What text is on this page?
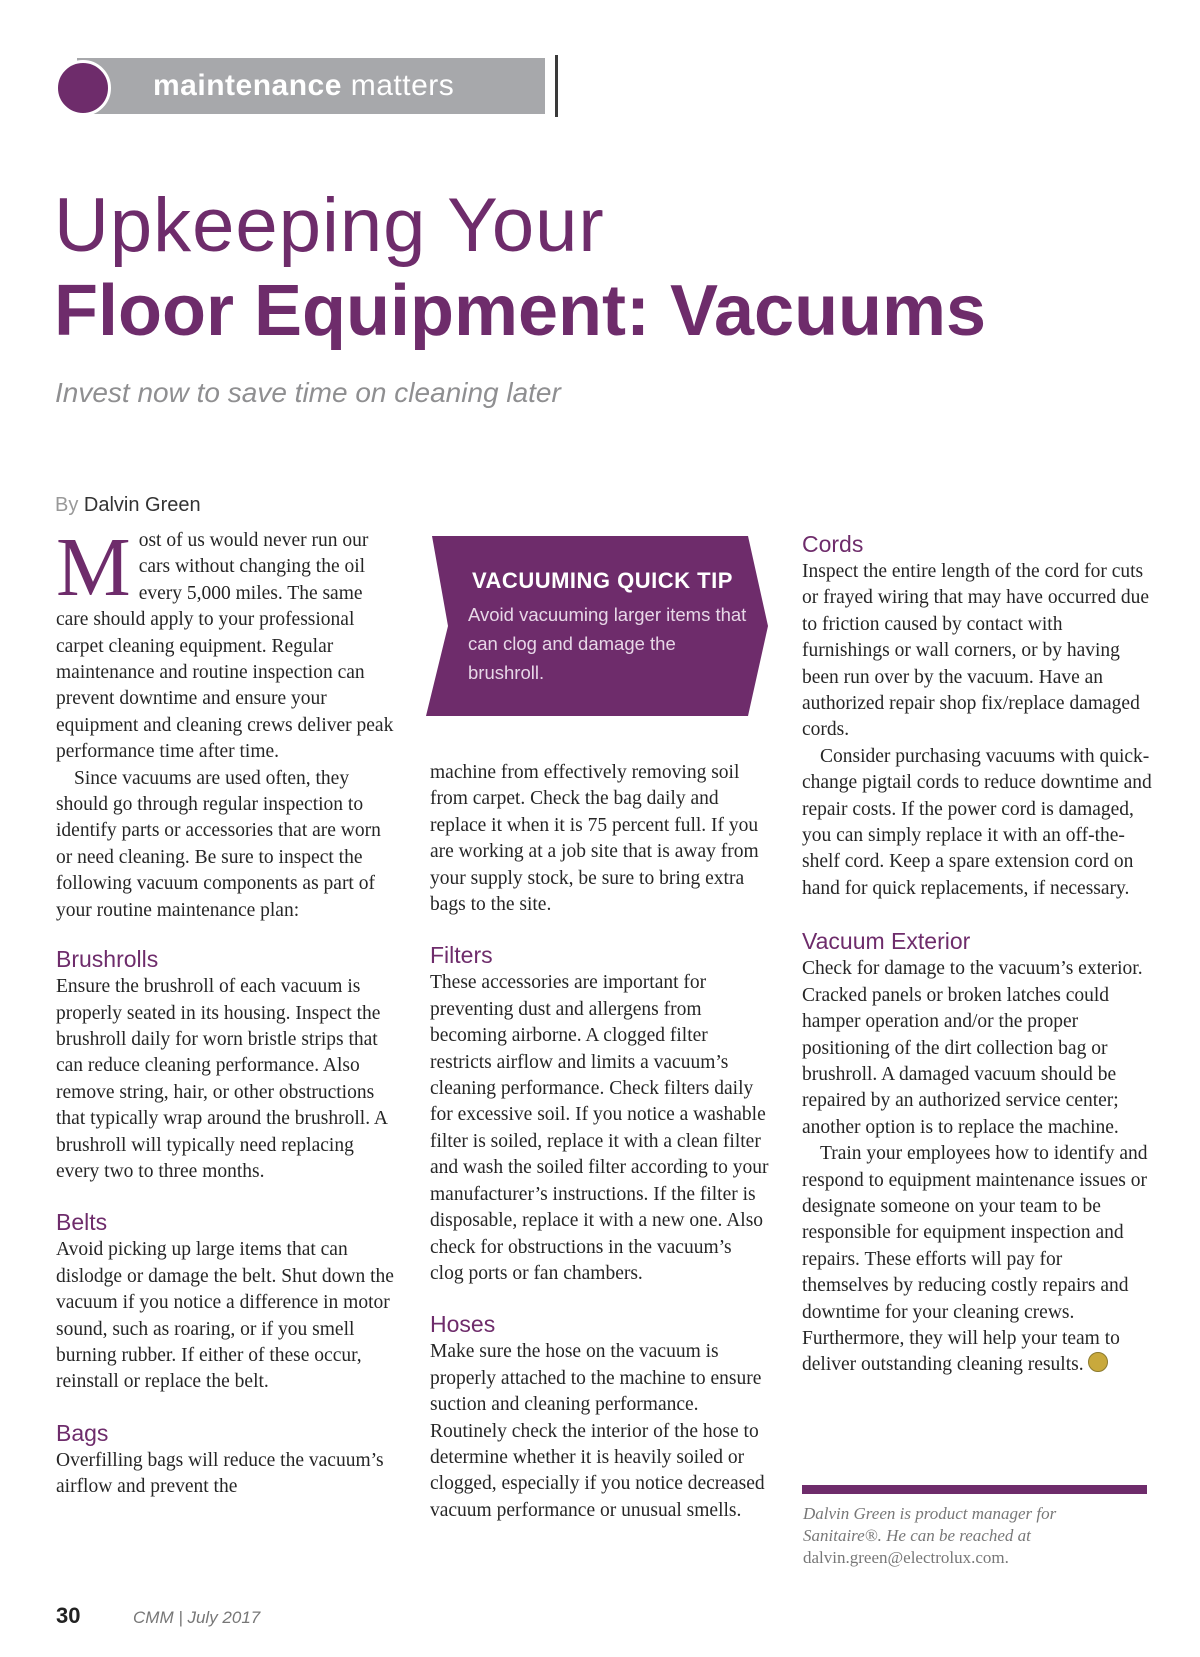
maintenance matters
Upkeeping Your
Floor Equipment: Vacuums
Invest now to save time on cleaning later
By Dalvin Green

Most of us would never run our cars without changing the oil every 5,000 miles. The same care should apply to your professional carpet cleaning equipment. Regular maintenance and routine inspection can prevent downtime and ensure your equipment and cleaning crews deliver peak performance time after time.

Since vacuums are used often, they should go through regular inspection to identify parts or accessories that are worn or need cleaning. Be sure to inspect the following vacuum components as part of your routine maintenance plan:

Brushrolls

Ensure the brushroll of each vacuum is properly seated in its housing. Inspect the brushroll daily for worn bristle strips that can reduce cleaning performance. Also remove string, hair, or other obstructions that typically wrap around the brushroll. A brushroll will typically need replacing every two to three months.

Belts

Avoid picking up large items that can dislodge or damage the belt. Shut down the vacuum if you notice a difference in motor sound, such as roaring, or if you smell burning rubber. If either of these occur, reinstall or replace the belt.

Bags

Overfilling bags will reduce the vacuum’s airflow and prevent the

VACUUMING QUICK TIP
Avoid vacuuming larger items that can clog and damage the brushroll.

machine from effectively removing soil from carpet. Check the bag daily and replace it when it is 75 percent full. If you are working at a job site that is away from your supply stock, be sure to bring extra bags to the site.

Filters

These accessories are important for preventing dust and allergens from becoming airborne. A clogged filter restricts airflow and limits a vacuum’s cleaning performance. Check filters daily for excessive soil. If you notice a washable filter is soiled, replace it with a clean filter and wash the soiled filter according to your manufacturer’s instructions. If the filter is disposable, replace it with a new one. Also check for obstructions in the vacuum’s clog ports or fan chambers.

Hoses

Make sure the hose on the vacuum is properly attached to the machine to ensure suction and cleaning performance. Routinely check the interior of the hose to determine whether it is heavily soiled or clogged, especially if you notice decreased vacuum performance or unusual smells.

Cords

Inspect the entire length of the cord for cuts or frayed wiring that may have occurred due to friction caused by contact with furnishings or wall corners, or by having been run over by the vacuum. Have an authorized repair shop fix/replace damaged cords.

Consider purchasing vacuums with quick-change pigtail cords to reduce downtime and repair costs. If the power cord is damaged, you can simply replace it with an off-the-shelf cord. Keep a spare extension cord on hand for quick replacements, if necessary.

Vacuum Exterior

Check for damage to the vacuum’s exterior. Cracked panels or broken latches could hamper operation and/or the proper positioning of the dirt collection bag or brushroll. A damaged vacuum should be repaired by an authorized service center; another option is to replace the machine.

Train your employees how to identify and respond to equipment maintenance issues or designate someone on your team to be responsible for equipment inspection and repairs. These efforts will pay for themselves by reducing costly repairs and downtime for your cleaning crews. Furthermore, they will help your team to deliver outstanding cleaning results.

Dalvin Green is product manager for Sanitaire®. He can be reached at dalvin.green@electrolux.com.
30	CMM | July 2017
